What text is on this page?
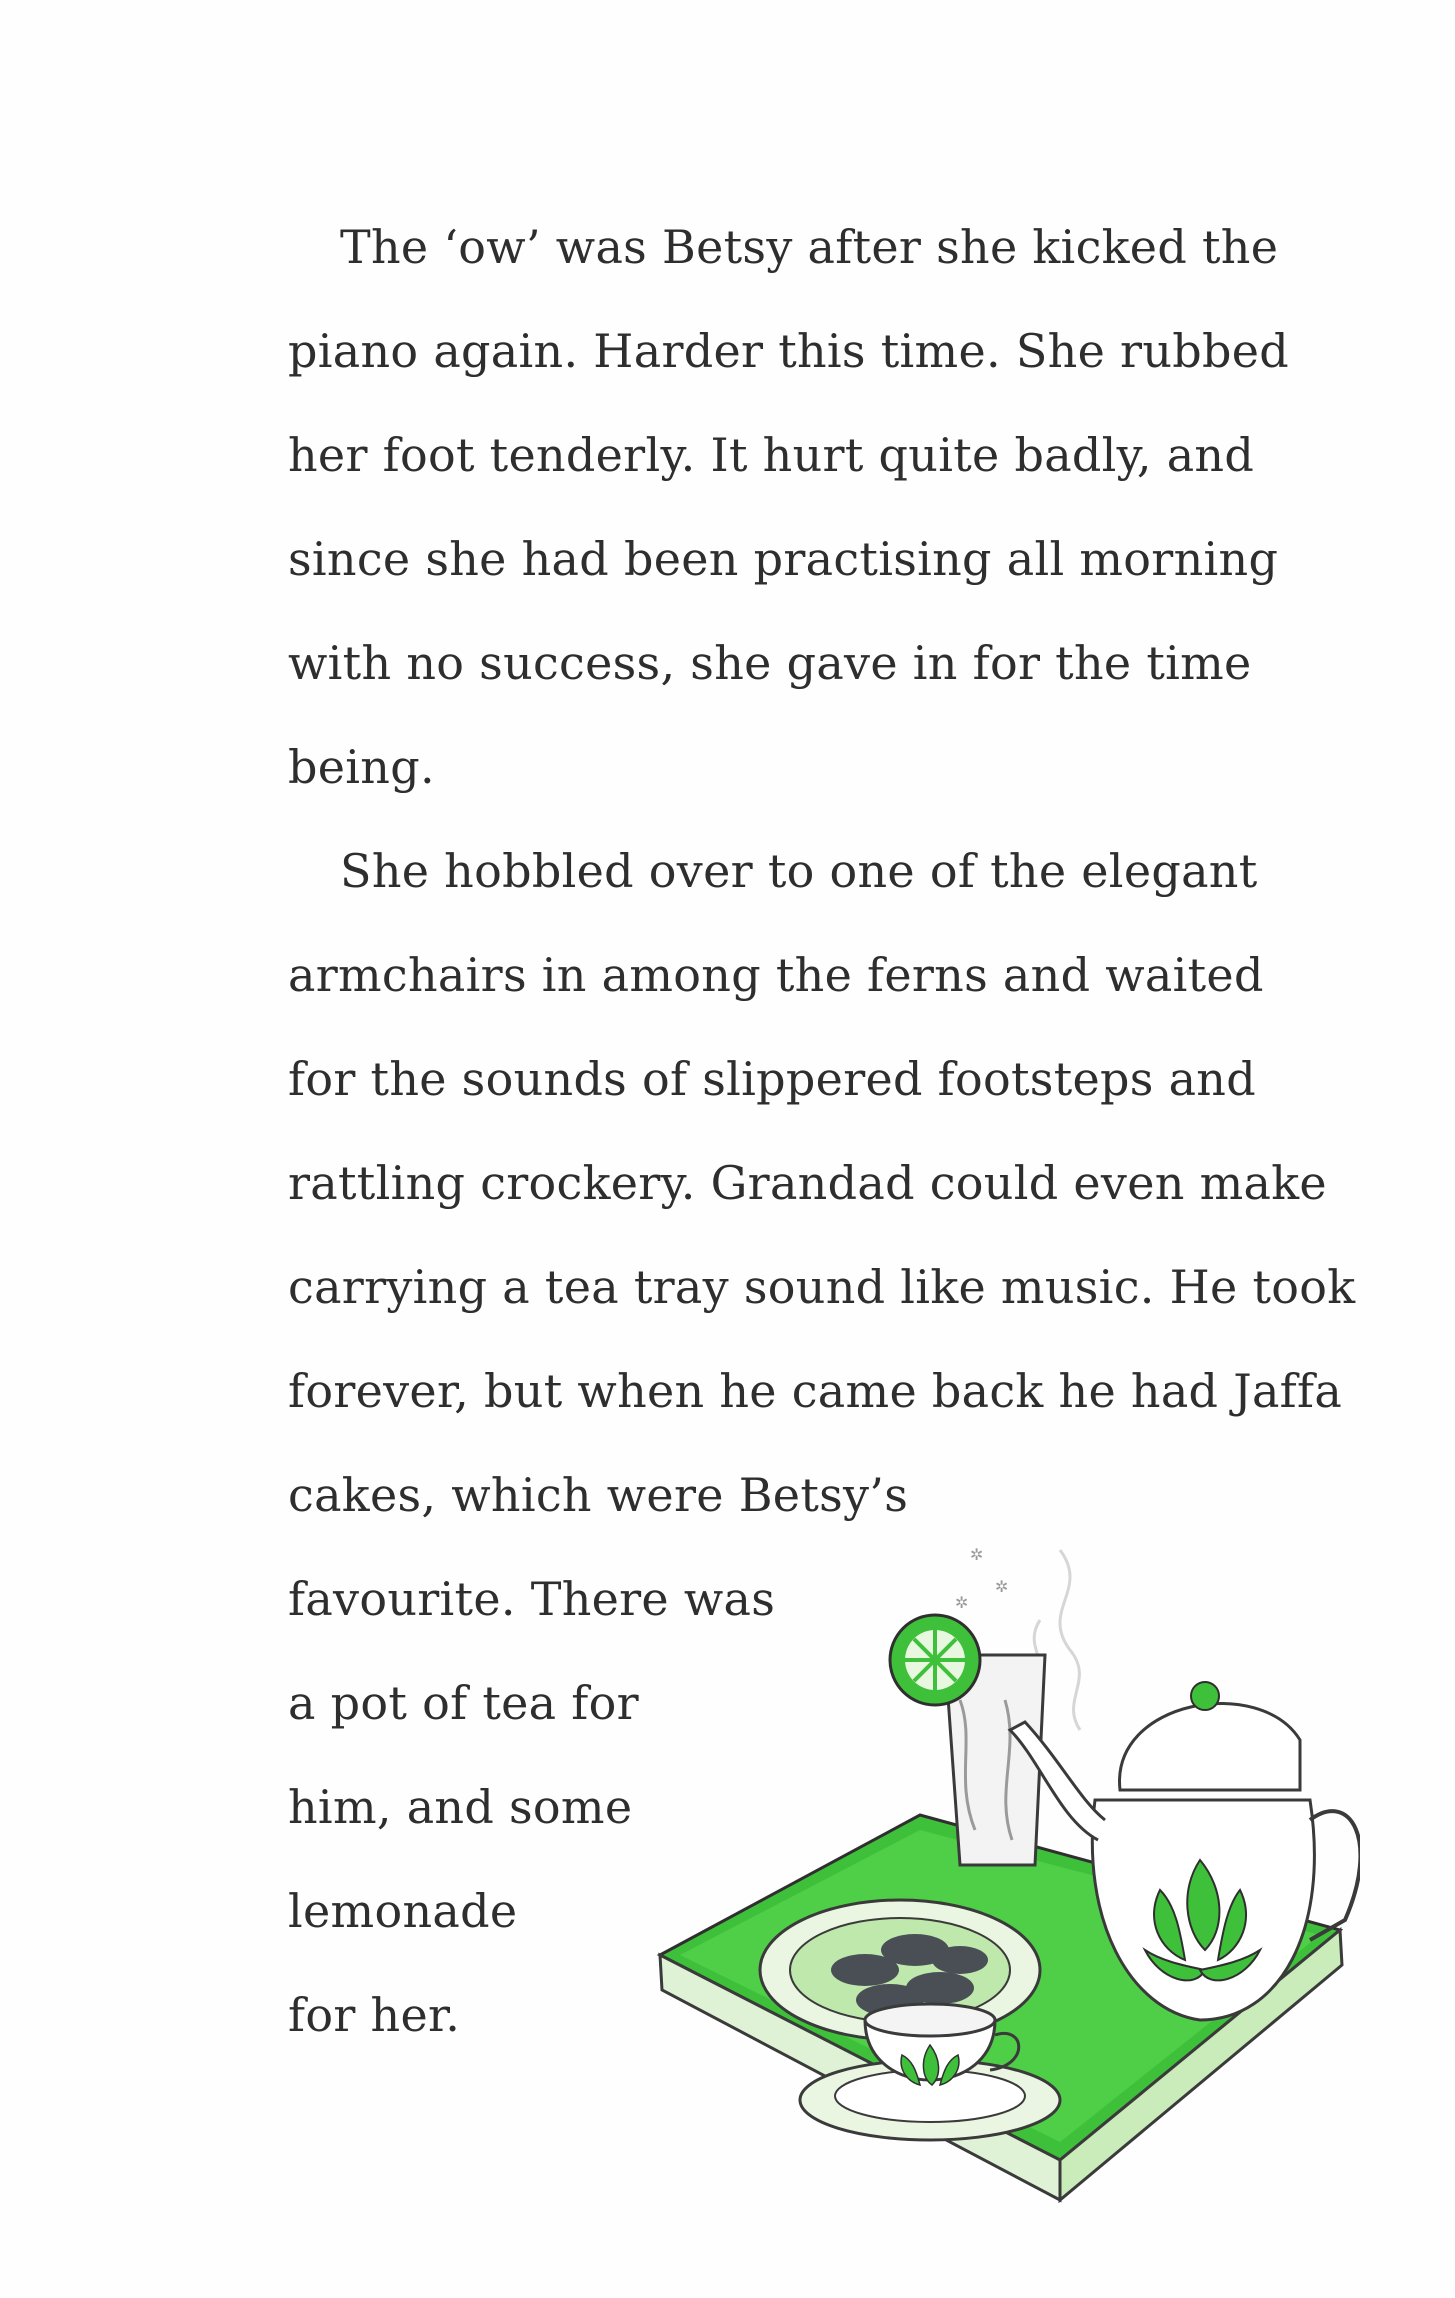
The ‘ow’ was Betsy after she kicked the
piano again. Harder this time. She rubbed
her foot tenderly. It hurt quite badly, and
since she had been practising all morning
with no success, she gave in for the time
being.
She hobbled over to one of the elegant
armchairs in among the ferns and waited
for the sounds of slippered footsteps and
rattling crockery. Grandad could even make
carrying a tea tray sound like music. He took
forever, but when he came back he had Jaffa
cakes, which were Betsy’s
favourite. There was
a pot of tea for
him, and some
lemonade
for her.
✲
✲
✲
